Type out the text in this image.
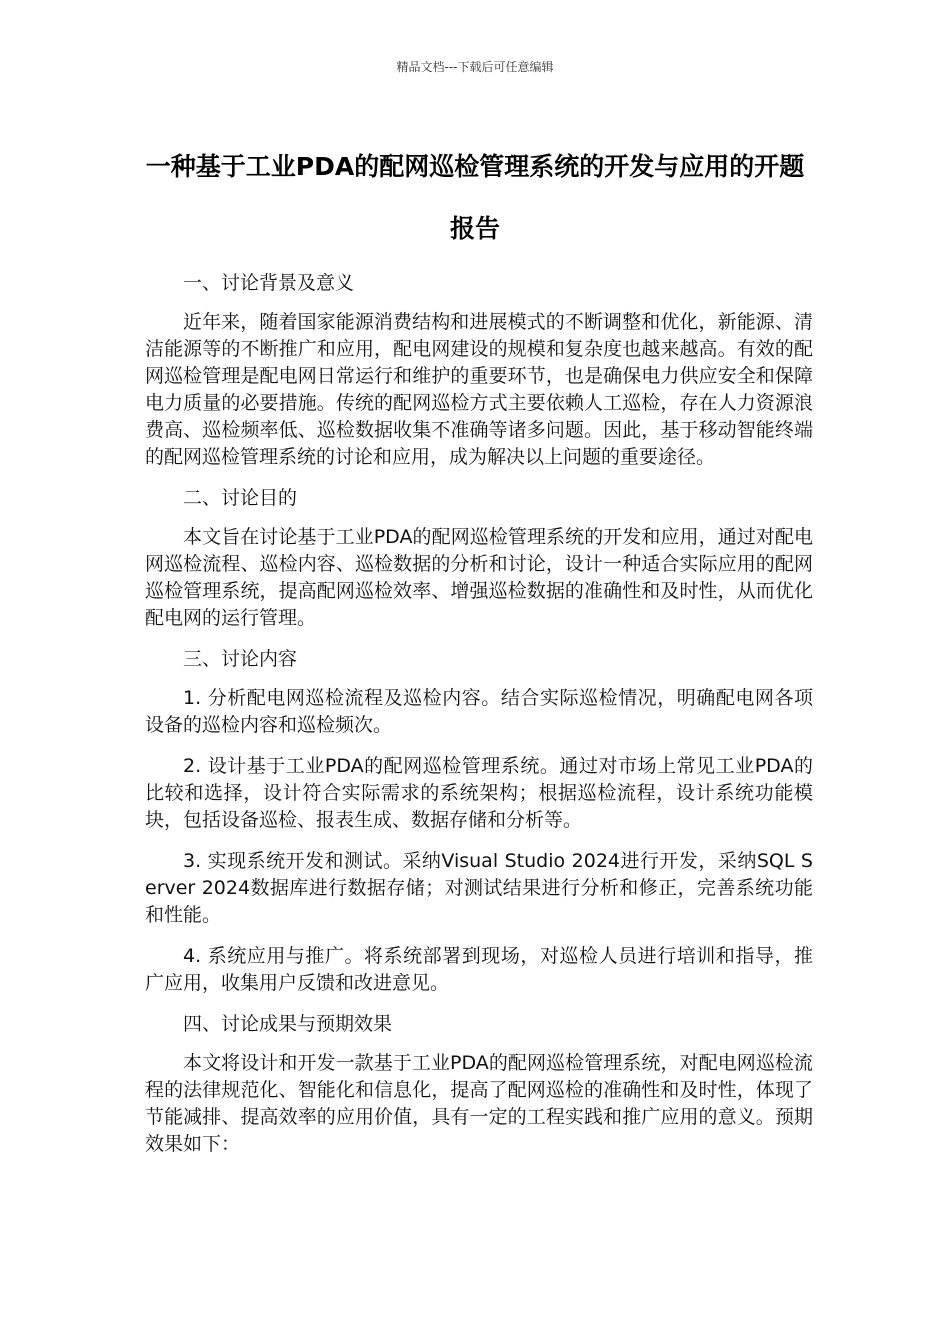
精品文档---下载后可任意编辑
一种基于工业PDA的配网巡检管理系统的开发与应用的开题报告

一、讨论背景及意义

近年来，随着国家能源消费结构和进展模式的不断调整和优化，新能源、清洁能源等的不断推广和应用，配电网建设的规模和复杂度也越来越高。有效的配网巡检管理是配电网日常运行和维护的重要环节，也是确保电力供应安全和保障电力质量的必要措施。传统的配网巡检方式主要依赖人工巡检，存在人力资源浪费高、巡检频率低、巡检数据收集不准确等诸多问题。因此，基于移动智能终端的配网巡检管理系统的讨论和应用，成为解决以上问题的重要途径。

二、讨论目的

本文旨在讨论基于工业PDA的配网巡检管理系统的开发和应用，通过对配电网巡检流程、巡检内容、巡检数据的分析和讨论，设计一种适合实际应用的配网巡检管理系统，提高配网巡检效率、增强巡检数据的准确性和及时性，从而优化配电网的运行管理。

三、讨论内容

1. 分析配电网巡检流程及巡检内容。结合实际巡检情况，明确配电网各项设备的巡检内容和巡检频次。

2. 设计基于工业PDA的配网巡检管理系统。通过对市场上常见工业PDA的比较和选择，设计符合实际需求的系统架构；根据巡检流程，设计系统功能模块，包括设备巡检、报表生成、数据存储和分析等。

3. 实现系统开发和测试。采纳Visual Studio 2024进行开发，采纳SQL Server 2024数据库进行数据存储；对测试结果进行分析和修正，完善系统功能和性能。

4. 系统应用与推广。将系统部署到现场，对巡检人员进行培训和指导，推广应用，收集用户反馈和改进意见。

四、讨论成果与预期效果

本文将设计和开发一款基于工业PDA的配网巡检管理系统，对配电网巡检流程的法律规范化、智能化和信息化，提高了配网巡检的准确性和及时性，体现了节能减排、提高效率的应用价值，具有一定的工程实践和推广应用的意义。预期效果如下：
